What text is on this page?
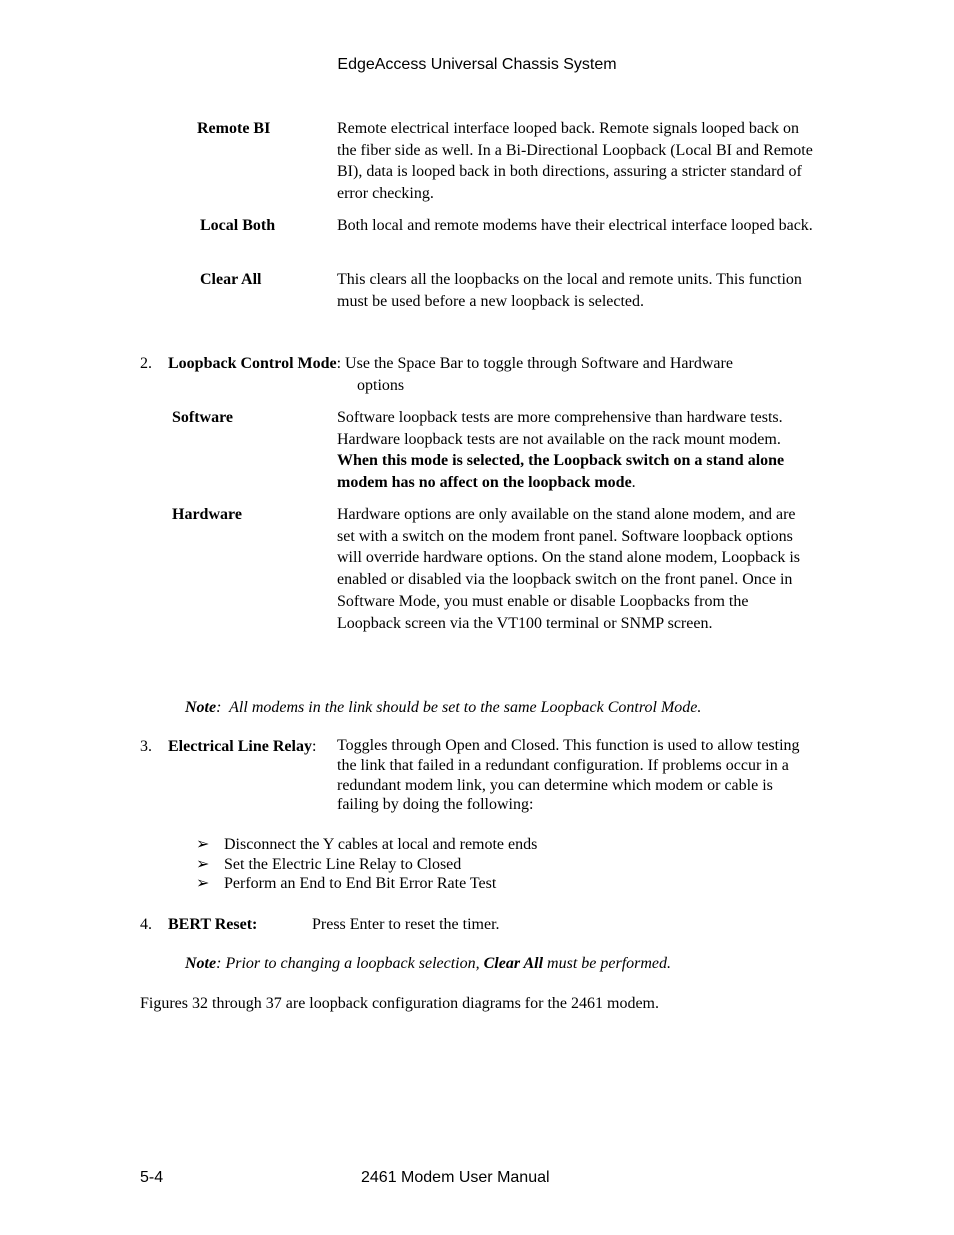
EdgeAccess Universal Chassis System
Remote BI	Remote electrical interface looped back. Remote signals looped back on the fiber side as well. In a Bi-Directional Loopback (Local BI and Remote BI), data is looped back in both directions, assuring a stricter standard of error checking.
Local Both	Both local and remote modems have their electrical interface looped back.
Clear All	This clears all the loopbacks on the local and remote units. This function must be used before a new loopback is selected.
2. Loopback Control Mode: Use the Space Bar to toggle through Software and Hardware
options
Software	Software loopback tests are more comprehensive than hardware tests. Hardware loopback tests are not available on the rack mount modem. When this mode is selected, the Loopback switch on a stand alone modem has no affect on the loopback mode.
Hardware	Hardware options are only available on the stand alone modem, and are set with a switch on the modem front panel. Software loopback options will override hardware options. On the stand alone modem, Loopback is enabled or disabled via the loopback switch on the front panel. Once in Software Mode, you must enable or disable Loopbacks from the Loopback screen via the VT100 terminal or SNMP screen.
Note:  All modems in the link should be set to the same Loopback Control Mode.
3. Electrical Line Relay: Toggles through Open and Closed. This function is used to allow testing the link that failed in a redundant configuration. If problems occur in a redundant modem link, you can determine which modem or cable is failing by doing the following:
➢ Disconnect the Y cables at local and remote ends
➢ Set the Electric Line Relay to Closed
➢ Perform an End to End Bit Error Rate Test
4. BERT Reset:	Press Enter to reset the timer.
Note: Prior to changing a loopback selection, Clear All must be performed.
Figures 32 through 37 are loopback configuration diagrams for the 2461 modem.
5-4	2461 Modem User Manual
